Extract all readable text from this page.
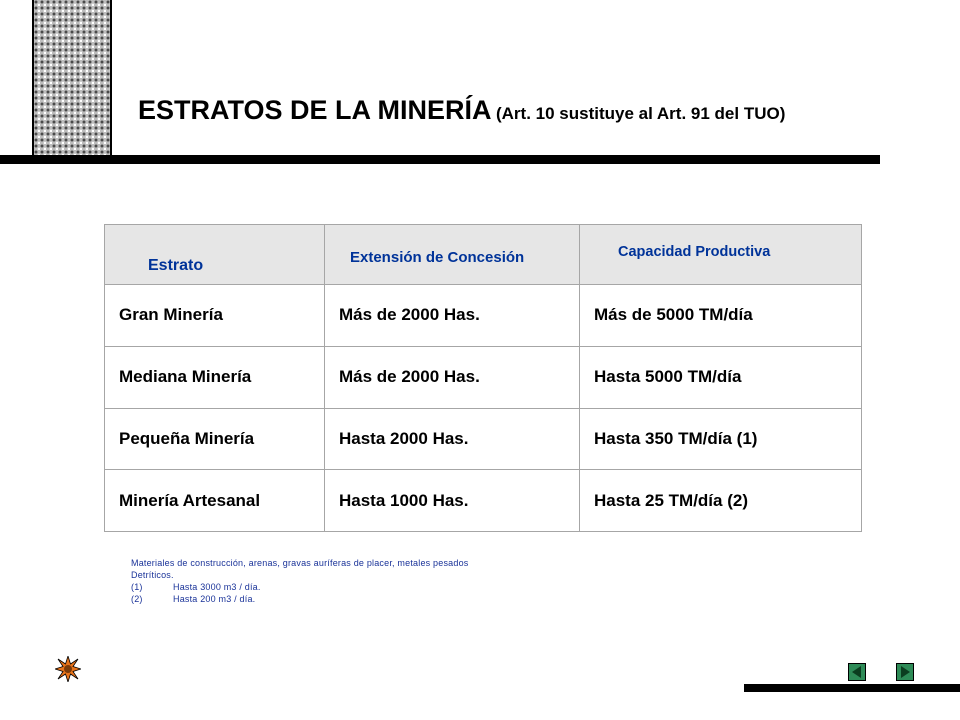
ESTRATOS DE LA MINERÍA (Art. 10 sustituye al Art. 91 del TUO)
Estrato	Extensión de Concesión	Capacidad Productiva

Gran Minería	Más de 2000 Has.	Más de 5000 TM/día
Mediana Minería	Más de 2000 Has.	Hasta 5000 TM/día
Pequeña Minería	Hasta 2000 Has.	Hasta 350 TM/día (1)
Minería Artesanal	Hasta 1000 Has.	Hasta 25 TM/día (2)
Materiales de construcción, arenas, gravas auríferas de placer, metales pesados
Detríticos.
(1)	Hasta 3000 m3 / día.
(2)	Hasta 200 m3 / día.
